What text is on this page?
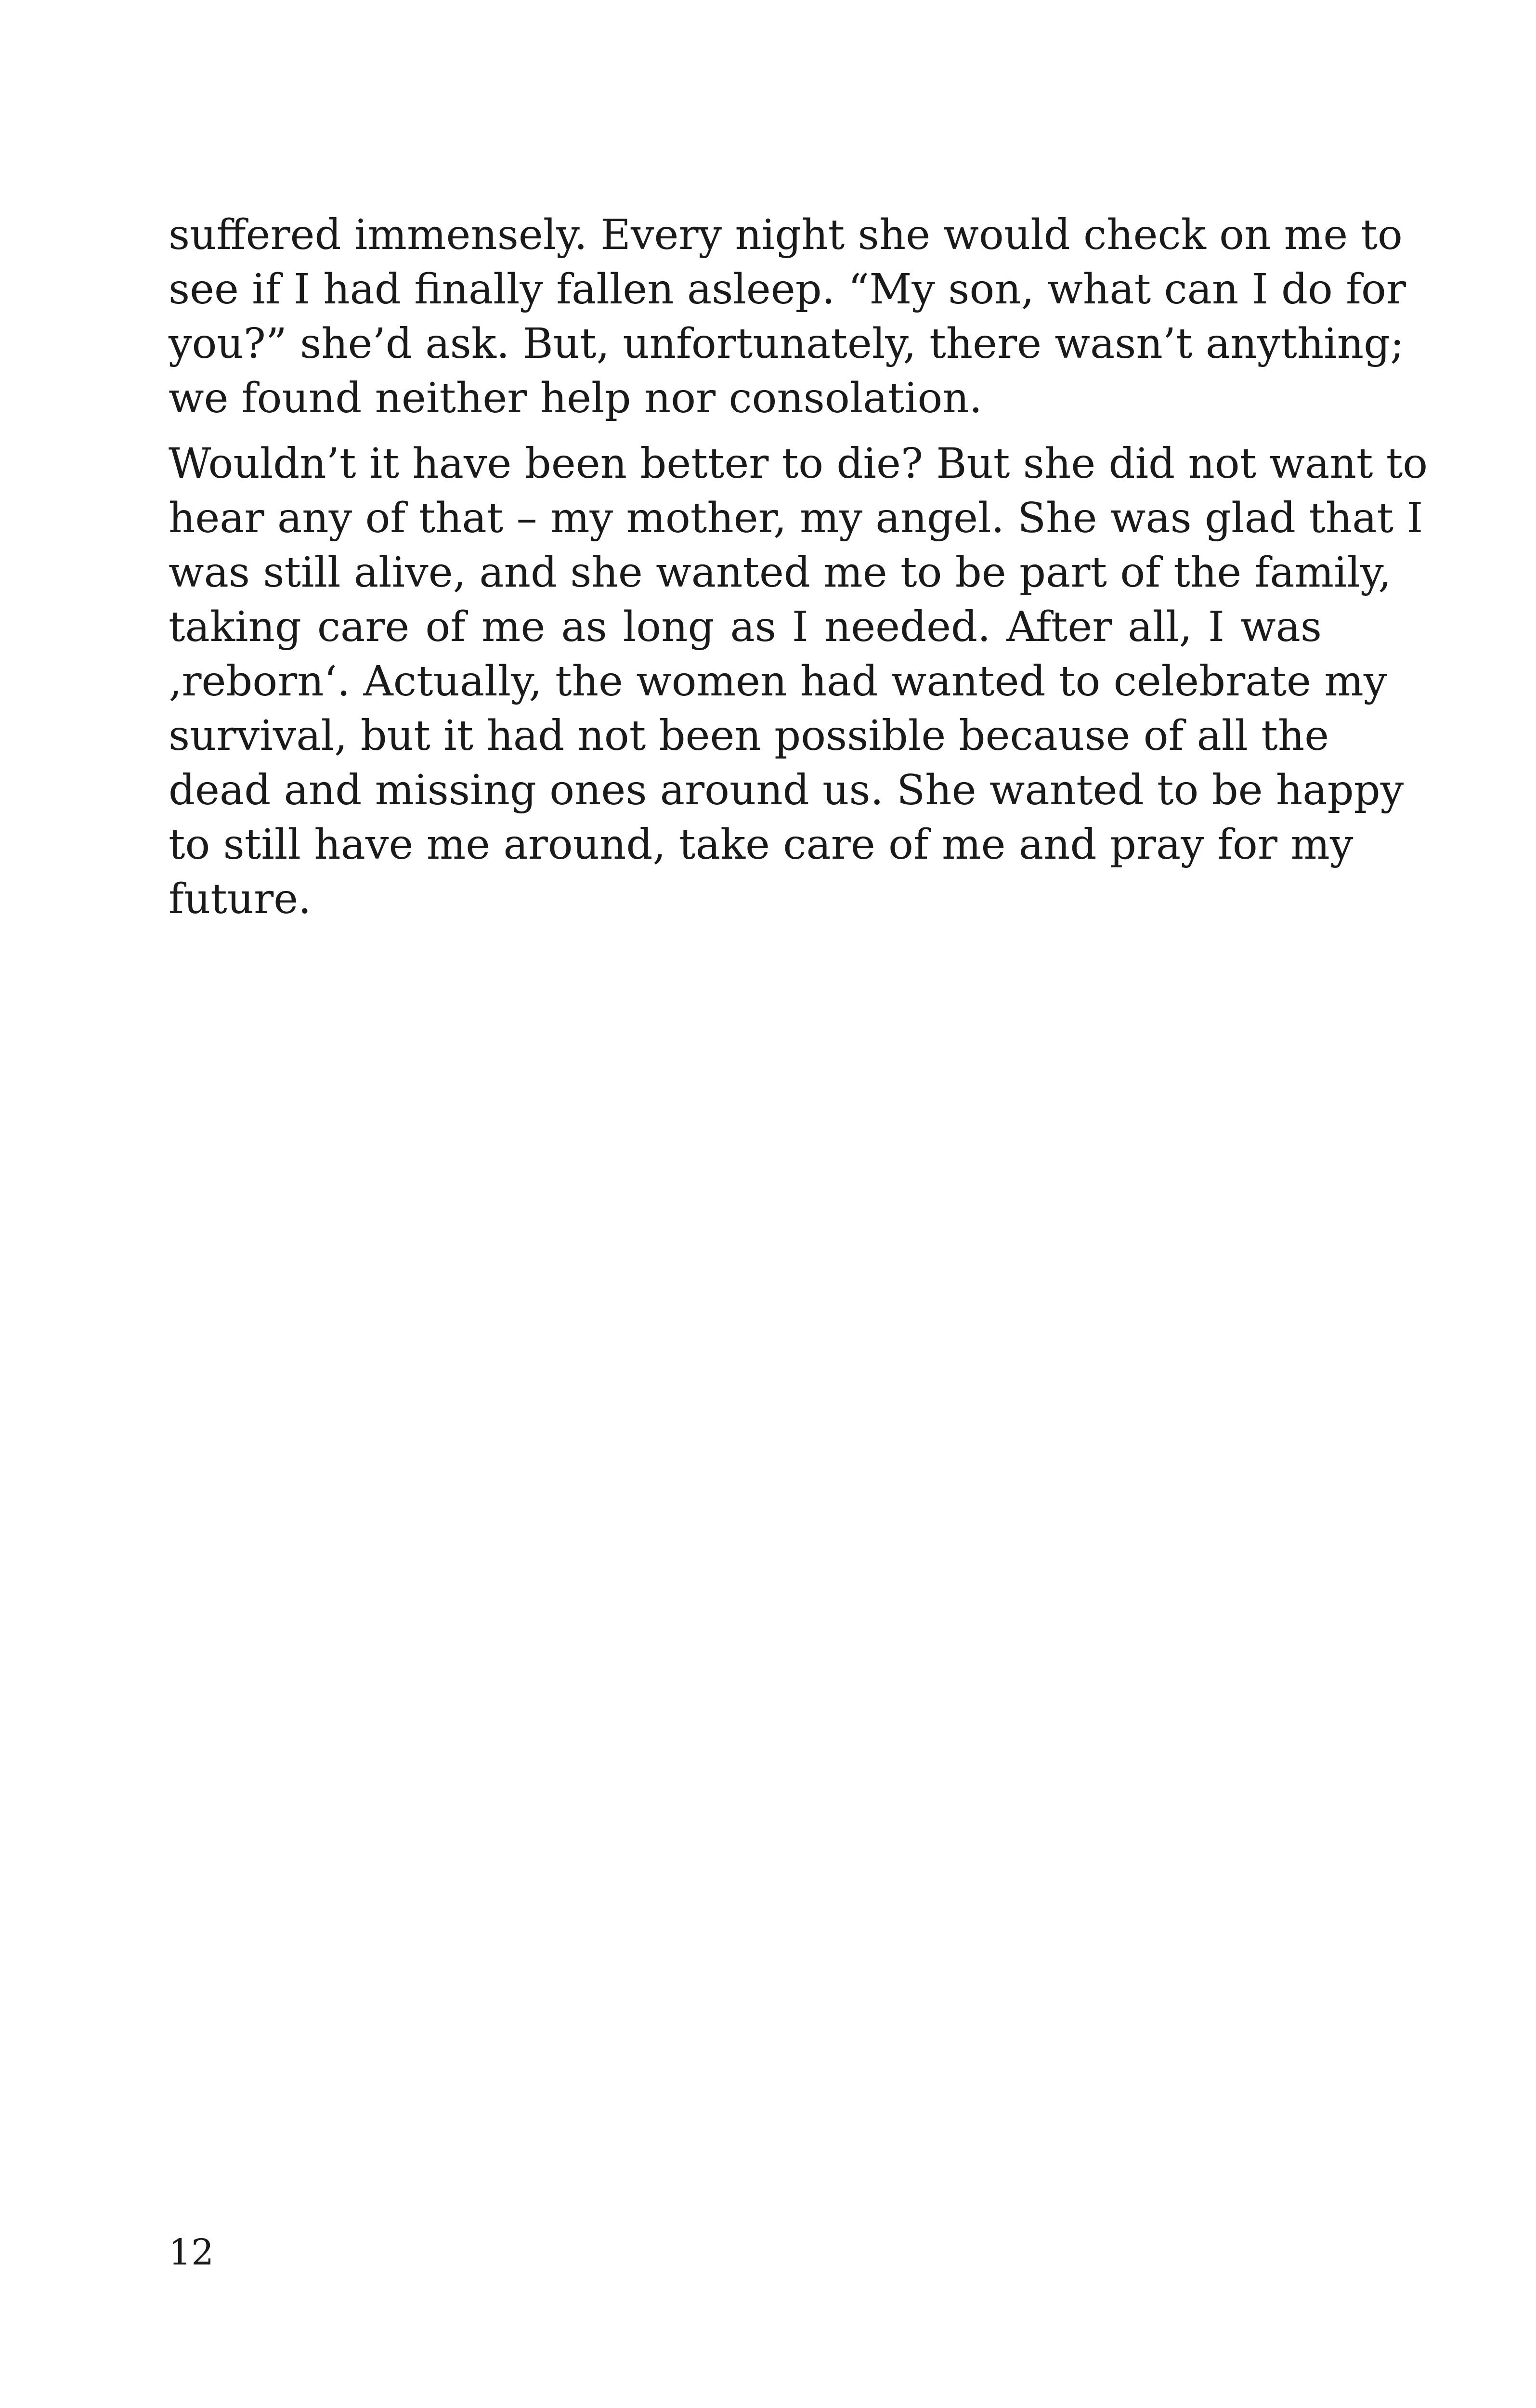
suffered immensely. Every night she would check on me to
see if I had finally fallen asleep. “My son, what can I do for
you?” she’d ask. But, unfortunately, there wasn’t anything;
we found neither help nor consolation.

Wouldn’t it have been better to die? But she did not want to
hear any of that – my mother, my angel. She was glad that I
was still alive, and she wanted me to be part of the family,
taking care of me as long as I needed. After all, I was
‚reborn‘. Actually, the women had wanted to celebrate my
survival, but it had not been possible because of all the
dead and missing ones around us. She wanted to be happy
to still have me around, take care of me and pray for my
future.

12
